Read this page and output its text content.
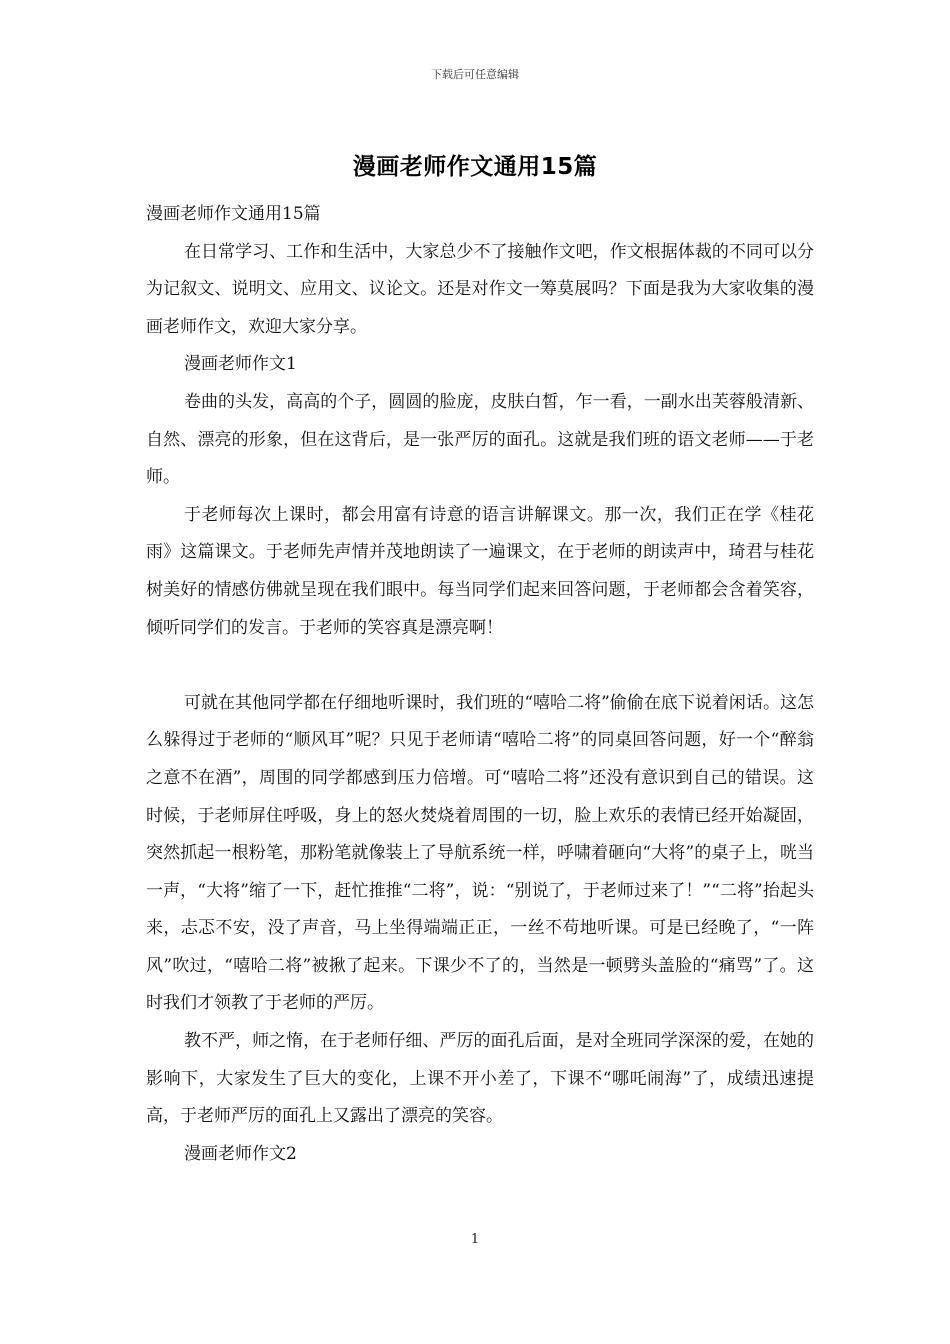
下载后可任意编辑
漫画老师作文通用15篇

漫画老师作文通用15篇

在日常学习、工作和生活中，大家总少不了接触作文吧，作文根据体裁的不同可以分为记叙文、说明文、应用文、议论文。还是对作文一筹莫展吗？下面是我为大家收集的漫画老师作文，欢迎大家分享。

漫画老师作文1

卷曲的头发，高高的个子，圆圆的脸庞，皮肤白皙，乍一看，一副水出芙蓉般清新、自然、漂亮的形象，但在这背后，是一张严厉的面孔。这就是我们班的语文老师——于老师。

于老师每次上课时，都会用富有诗意的语言讲解课文。那一次，我们正在学《桂花雨》这篇课文。于老师先声情并茂地朗读了一遍课文，在于老师的朗读声中，琦君与桂花树美好的情感仿佛就呈现在我们眼中。每当同学们起来回答问题，于老师都会含着笑容，倾听同学们的发言。于老师的笑容真是漂亮啊！

可就在其他同学都在仔细地听课时，我们班的“嘻哈二将”偷偷在底下说着闲话。这怎么躲得过于老师的“顺风耳”呢？只见于老师请“嘻哈二将”的同桌回答问题，好一个“醉翁之意不在酒”，周围的同学都感到压力倍增。可“嘻哈二将”还没有意识到自己的错误。这时候，于老师屏住呼吸，身上的怒火焚烧着周围的一切，脸上欢乐的表情已经开始凝固，突然抓起一根粉笔，那粉笔就像装上了导航系统一样，呼啸着砸向“大将”的桌子上，咣当一声，“大将”缩了一下，赶忙推推“二将”，说：“别说了，于老师过来了！”“二将”抬起头来，忐忑不安，没了声音，马上坐得端端正正，一丝不苟地听课。可是已经晚了，“一阵风”吹过，“嘻哈二将”被揪了起来。下课少不了的，当然是一顿劈头盖脸的“痛骂”了。这时我们才领教了于老师的严厉。

教不严，师之惰，在于老师仔细、严厉的面孔后面，是对全班同学深深的爱，在她的影响下，大家发生了巨大的变化，上课不开小差了，下课不“哪吒闹海”了，成绩迅速提高，于老师严厉的面孔上又露出了漂亮的笑容。

漫画老师作文2

1
